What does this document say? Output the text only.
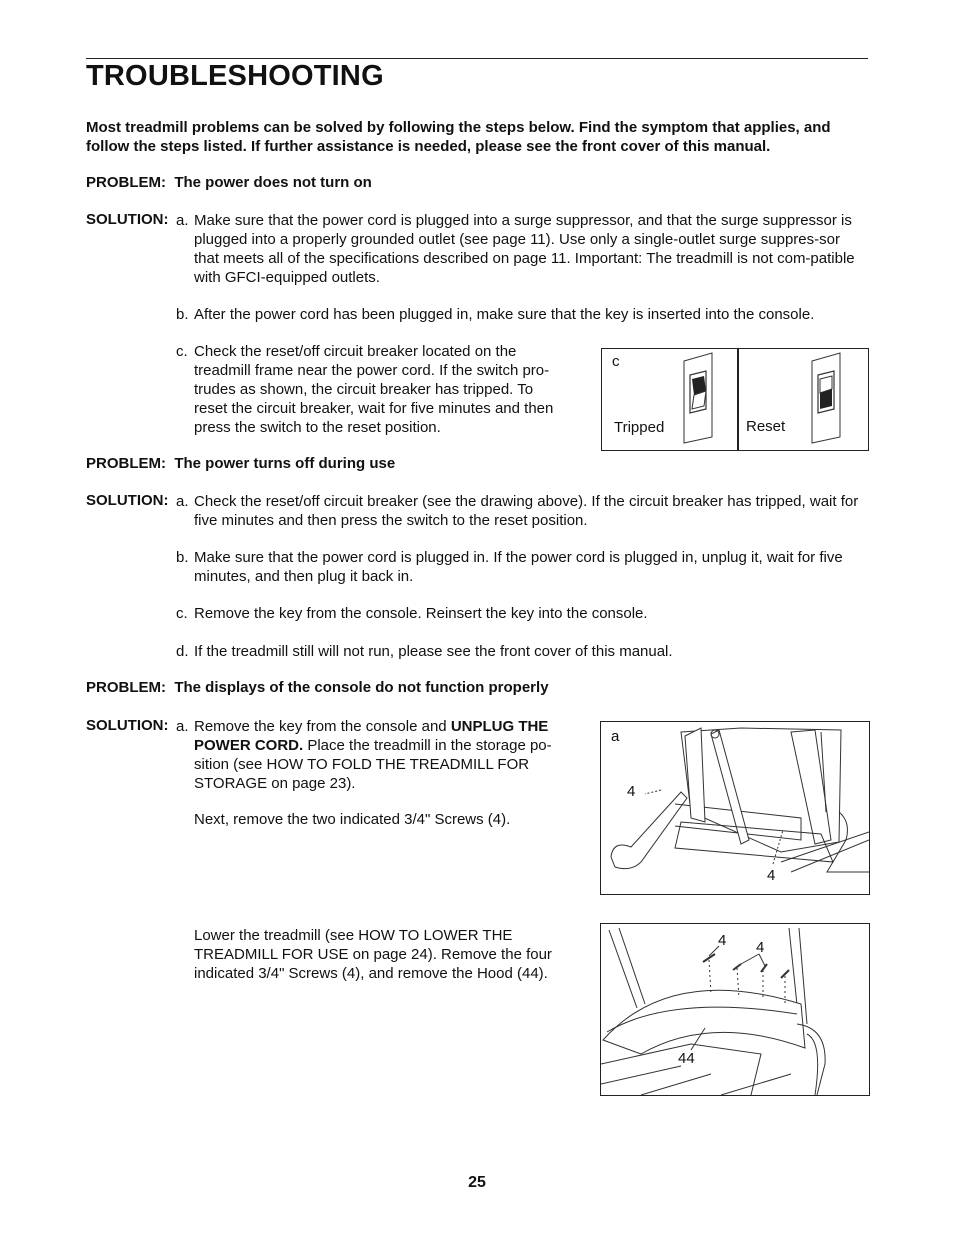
TROUBLESHOOTING
Most treadmill problems can be solved by following the steps below. Find the symptom that applies, and follow the steps listed. If further assistance is needed, please see the front cover of this manual.
PROBLEM: The power does not turn on
SOLUTION: a. Make sure that the power cord is plugged into a surge suppressor, and that the surge suppressor is plugged into a properly grounded outlet (see page 11). Use only a single-outlet surge suppres-sor that meets all of the specifications described on page 11. Important: The treadmill is not com-patible with GFCI-equipped outlets.
b. After the power cord has been plugged in, make sure that the key is inserted into the console.
c. Check the reset/off circuit breaker located on the treadmill frame near the power cord. If the switch pro-trudes as shown, the circuit breaker has tripped. To reset the circuit breaker, wait for five minutes and then press the switch to the reset position.
c
Tripped	Reset
PROBLEM: The power turns off during use
SOLUTION: a. Check the reset/off circuit breaker (see the drawing above). If the circuit breaker has tripped, wait for five minutes and then press the switch to the reset position.
b. Make sure that the power cord is plugged in. If the power cord is plugged in, unplug it, wait for five minutes, and then plug it back in.
c. Remove the key from the console. Reinsert the key into the console.
d. If the treadmill still will not run, please see the front cover of this manual.
PROBLEM: The displays of the console do not function properly
SOLUTION: a. Remove the key from the console and UNPLUG THE POWER CORD. Place the treadmill in the storage po-sition (see HOW TO FOLD THE TREADMILL FOR STORAGE on page 23).
Next, remove the two indicated 3/4" Screws (4).
Lower the treadmill (see HOW TO LOWER THE TREADMILL FOR USE on page 24). Remove the four indicated 3/4" Screws (4), and remove the Hood (44).
a
4
4
4 4
44
25
